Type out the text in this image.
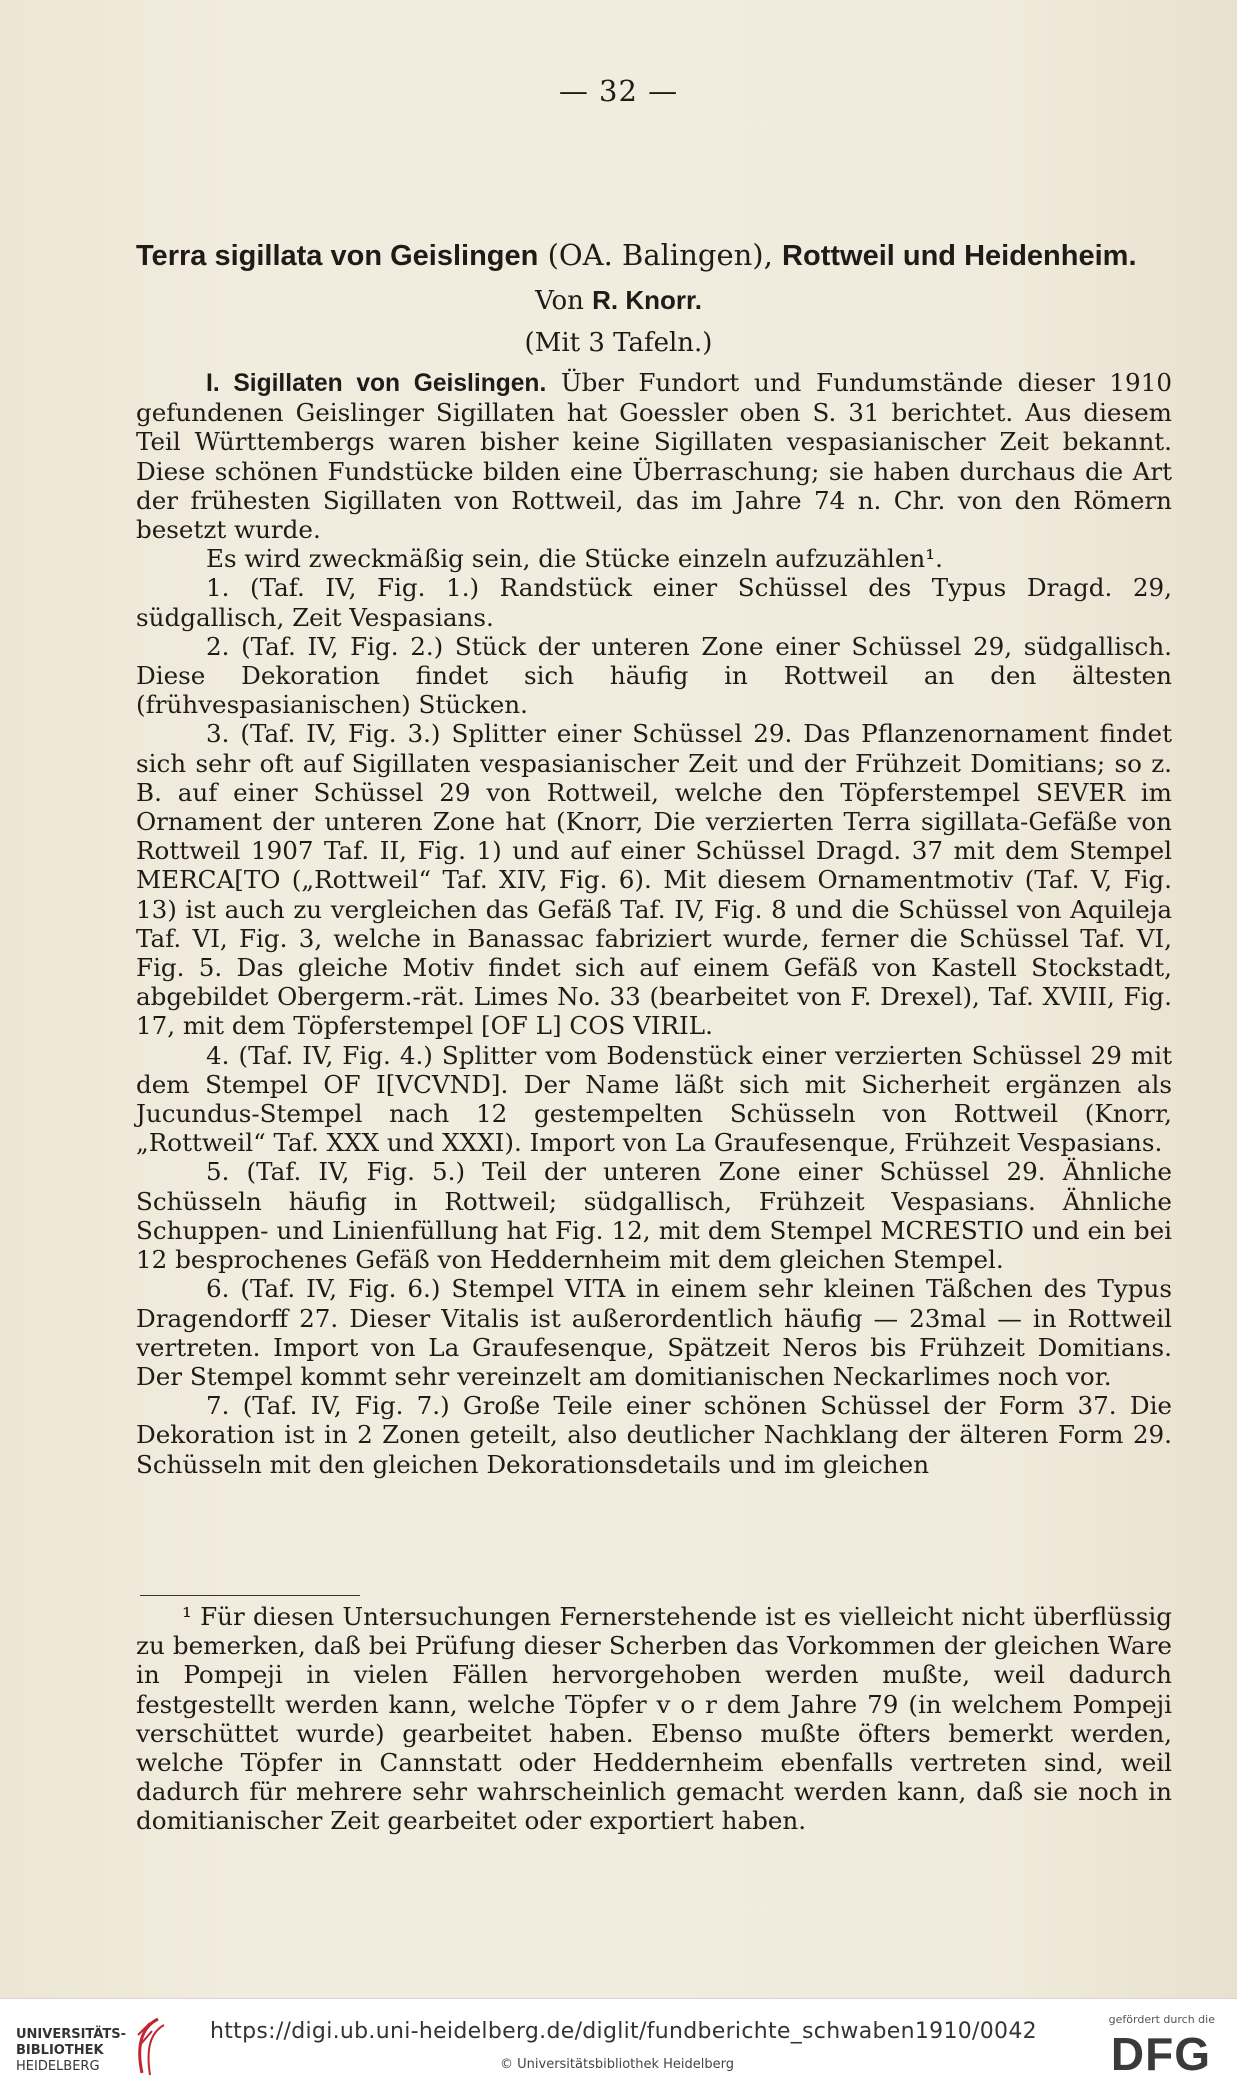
— 32 —
Terra sigillata von Geislingen (OA. Balingen), Rottweil und Heidenheim.
Von R. Knorr.
(Mit 3 Tafeln.)

I. Sigillaten von Geislingen. Über Fundort und Fundumstände dieser 1910 gefundenen Geislinger Sigillaten hat Goessler oben S. 31 berichtet. Aus diesem Teil Württembergs waren bisher keine Sigillaten vespasianischer Zeit bekannt. Diese schönen Fundstücke bilden eine Überraschung; sie haben durchaus die Art der frühesten Sigillaten von Rottweil, das im Jahre 74 n. Chr. von den Römern besetzt wurde.

Es wird zweckmäßig sein, die Stücke einzeln aufzuzählen¹.

1. (Taf. IV, Fig. 1.) Randstück einer Schüssel des Typus Dragd. 29, südgallisch, Zeit Vespasians.

2. (Taf. IV, Fig. 2.) Stück der unteren Zone einer Schüssel 29, südgallisch. Diese Dekoration findet sich häufig in Rottweil an den ältesten (frühvespasianischen) Stücken.

3. (Taf. IV, Fig. 3.) Splitter einer Schüssel 29. Das Pflanzenornament findet sich sehr oft auf Sigillaten vespasianischer Zeit und der Frühzeit Domitians; so z. B. auf einer Schüssel 29 von Rottweil, welche den Töpferstempel SEVER im Ornament der unteren Zone hat (Knorr, Die verzierten Terra sigillata-Gefäße von Rottweil 1907 Taf. II, Fig. 1) und auf einer Schüssel Dragd. 37 mit dem Stempel MERCA[TO („Rottweil“ Taf. XIV, Fig. 6). Mit diesem Ornamentmotiv (Taf. V, Fig. 13) ist auch zu vergleichen das Gefäß Taf. IV, Fig. 8 und die Schüssel von Aquileja Taf. VI, Fig. 3, welche in Banassac fabriziert wurde, ferner die Schüssel Taf. VI, Fig. 5. Das gleiche Motiv findet sich auf einem Gefäß von Kastell Stockstadt, abgebildet Obergerm.-rät. Limes No. 33 (bearbeitet von F. Drexel), Taf. XVIII, Fig. 17, mit dem Töpferstempel [OF L] COS VIRIL.

4. (Taf. IV, Fig. 4.) Splitter vom Bodenstück einer verzierten Schüssel 29 mit dem Stempel OF I[VCVND]. Der Name läßt sich mit Sicherheit ergänzen als Jucundus-Stempel nach 12 gestempelten Schüsseln von Rottweil (Knorr, „Rottweil“ Taf. XXX und XXXI). Import von La Graufesenque, Frühzeit Vespasians.

5. (Taf. IV, Fig. 5.) Teil der unteren Zone einer Schüssel 29. Ähnliche Schüsseln häufig in Rottweil; südgallisch, Frühzeit Vespasians. Ähnliche Schuppen- und Linienfüllung hat Fig. 12, mit dem Stempel MCRESTIO und ein bei 12 besprochenes Gefäß von Heddernheim mit dem gleichen Stempel.

6. (Taf. IV, Fig. 6.) Stempel VITA in einem sehr kleinen Täßchen des Typus Dragendorff 27. Dieser Vitalis ist außerordentlich häufig — 23mal — in Rottweil vertreten. Import von La Graufesenque, Spätzeit Neros bis Frühzeit Domitians. Der Stempel kommt sehr vereinzelt am domitianischen Neckarlimes noch vor.

7. (Taf. IV, Fig. 7.) Große Teile einer schönen Schüssel der Form 37. Die Dekoration ist in 2 Zonen geteilt, also deutlicher Nachklang der älteren Form 29. Schüsseln mit den gleichen Dekorationsdetails und im gleichen

¹ Für diesen Untersuchungen Fernerstehende ist es vielleicht nicht überflüssig zu bemerken, daß bei Prüfung dieser Scherben das Vorkommen der gleichen Ware in Pompeji in vielen Fällen hervorgehoben werden mußte, weil dadurch festgestellt werden kann, welche Töpfer v o r dem Jahre 79 (in welchem Pompeji verschüttet wurde) gearbeitet haben. Ebenso mußte öfters bemerkt werden, welche Töpfer in Cannstatt oder Heddernheim ebenfalls vertreten sind, weil dadurch für mehrere sehr wahrscheinlich gemacht werden kann, daß sie noch in domitianischer Zeit gearbeitet oder exportiert haben.

UNIVERSITÄTS-
BIBLIOTHEK
HEIDELBERG
https://digi.ub.uni-heidelberg.de/diglit/fundberichte_schwaben1910/0042
© Universitätsbibliothek Heidelberg
gefördert durch die
DFG
